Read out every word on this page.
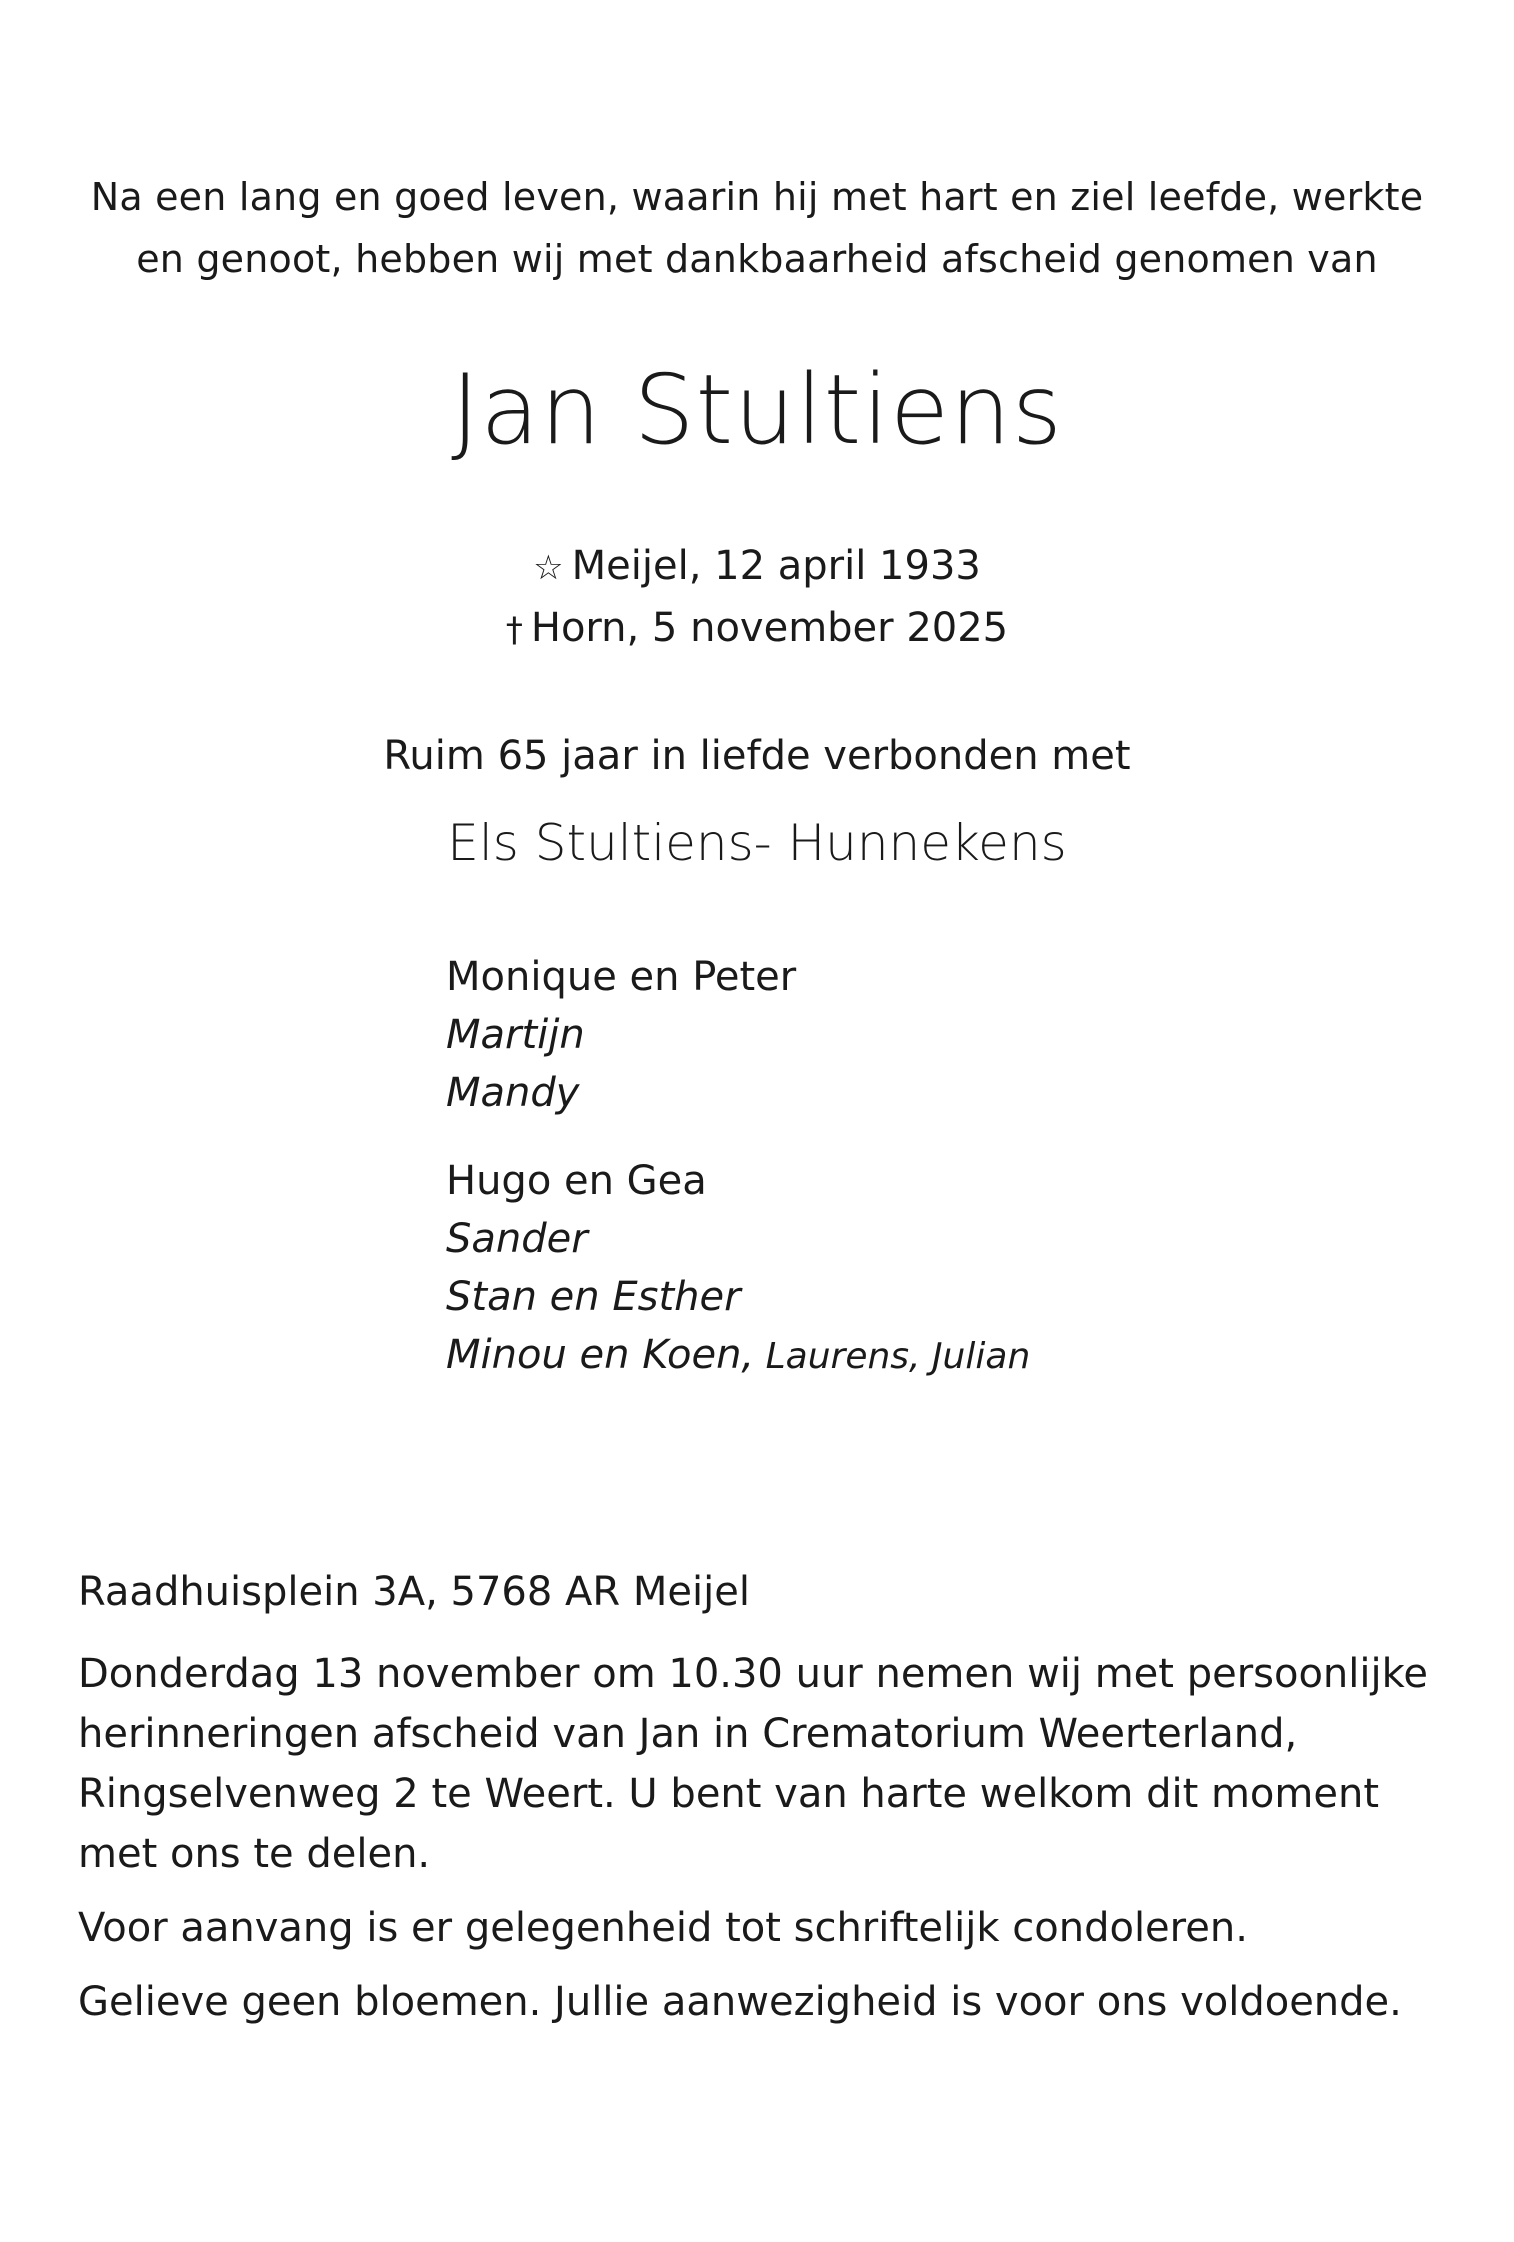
Na een lang en goed leven, waarin hij met hart en ziel leefde, werkte
en genoot, hebben wij met dankbaarheid afscheid genomen van
Jan Stultiens
☆ Meijel, 12 april 1933
† Horn, 5 november 2025
Ruim 65 jaar in liefde verbonden met
Els Stultiens- Hunnekens
Monique en Peter
Martijn
Mandy
Hugo en Gea
Sander
Stan en Esther
Minou en Koen, Laurens, Julian

Raadhuisplein 3A, 5768 AR Meijel

Donderdag 13 november om 10.30 uur nemen wij met persoonlijke
herinneringen afscheid van Jan in Crematorium Weerterland,
Ringselvenweg 2 te Weert. U bent van harte welkom dit moment
met ons te delen.

Voor aanvang is er gelegenheid tot schriftelijk condoleren.

Gelieve geen bloemen. Jullie aanwezigheid is voor ons voldoende.
